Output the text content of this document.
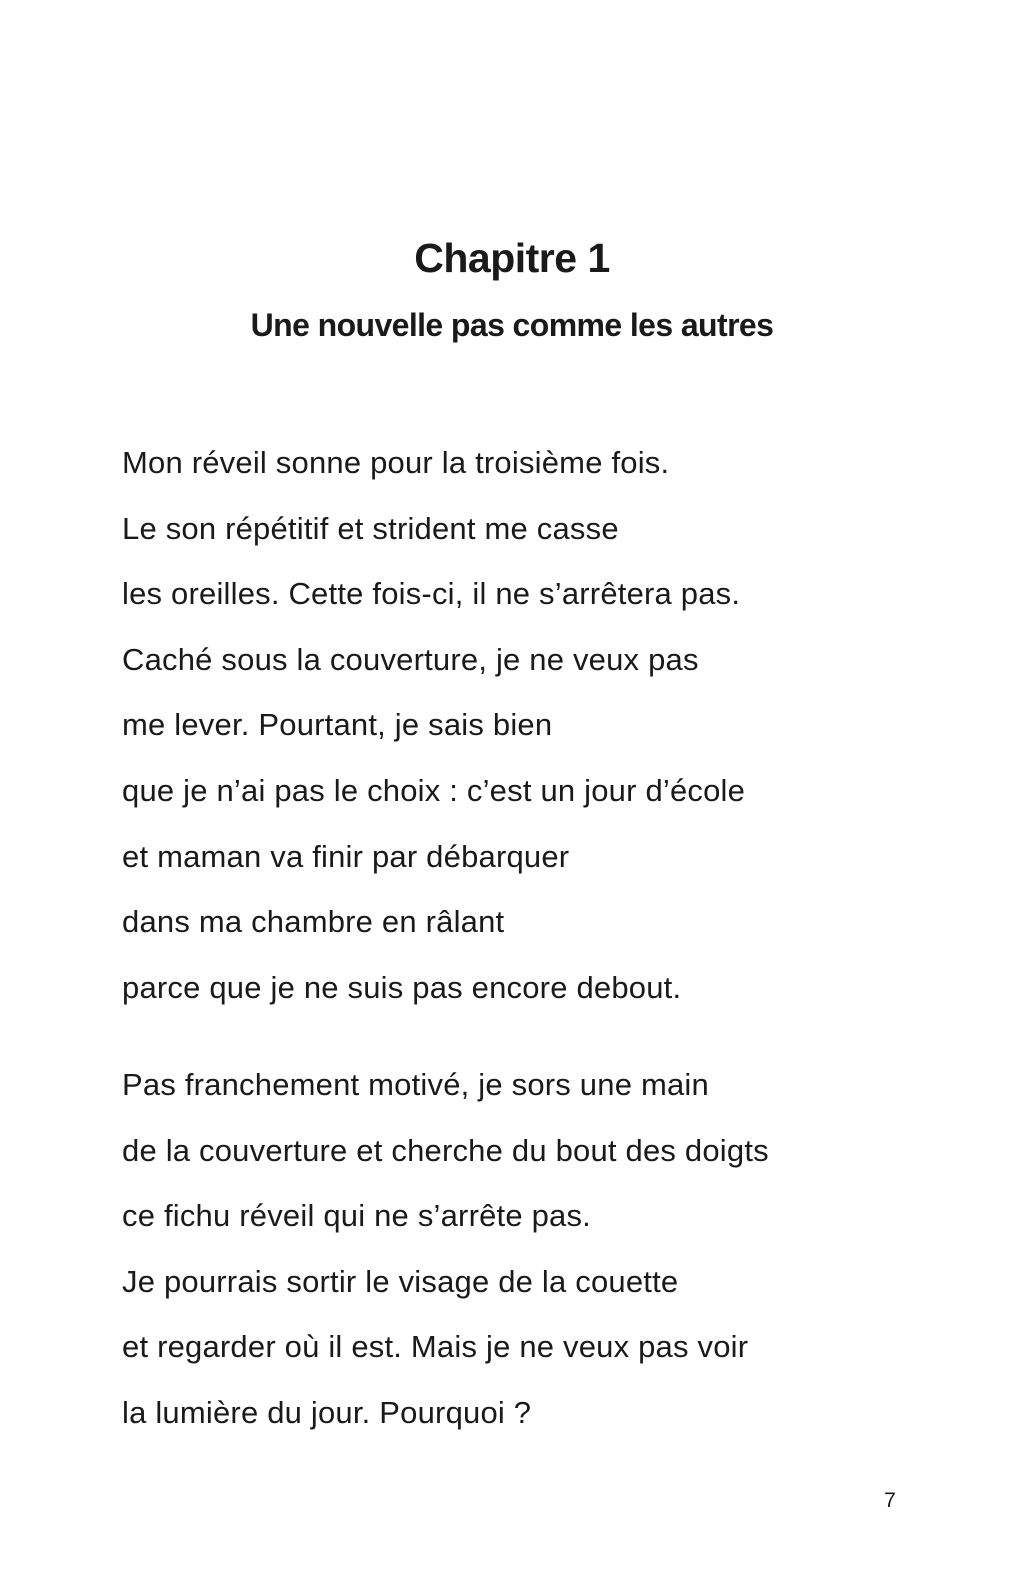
Chapitre 1
Une nouvelle pas comme les autres
Mon réveil sonne pour la troisième fois.
Le son répétitif et strident me casse
les oreilles. Cette fois-ci, il ne s’arrêtera pas.
Caché sous la couverture, je ne veux pas
me lever. Pourtant, je sais bien
que je n’ai pas le choix : c’est un jour d’école
et maman va finir par débarquer
dans ma chambre en râlant
parce que je ne suis pas encore debout.
Pas franchement motivé, je sors une main
de la couverture et cherche du bout des doigts
ce fichu réveil qui ne s’arrête pas.
Je pourrais sortir le visage de la couette
et regarder où il est. Mais je ne veux pas voir
la lumière du jour. Pourquoi ?
7
